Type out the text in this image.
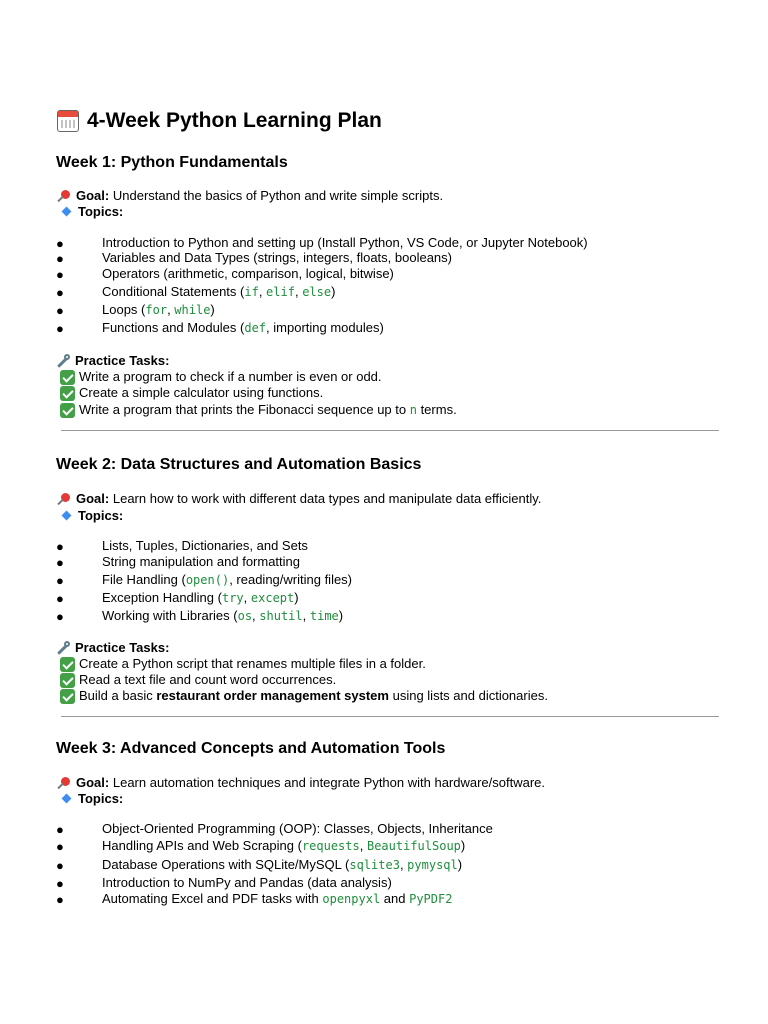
4-Week Python Learning Plan
Week 1: Python Fundamentals
Goal: Understand the basics of Python and write simple scripts.
Topics:
●	Introduction to Python and setting up (Install Python, VS Code, or Jupyter Notebook)
●	Variables and Data Types (strings, integers, floats, booleans)
●	Operators (arithmetic, comparison, logical, bitwise)
●	Conditional Statements (if, elif, else)
●	Loops (for, while)
●	Functions and Modules (def, importing modules)
Practice Tasks:
Write a program to check if a number is even or odd.
Create a simple calculator using functions.
Write a program that prints the Fibonacci sequence up to n terms.
Week 2: Data Structures and Automation Basics
Goal: Learn how to work with different data types and manipulate data efficiently.
Topics:
●	Lists, Tuples, Dictionaries, and Sets
●	String manipulation and formatting
●	File Handling (open(), reading/writing files)
●	Exception Handling (try, except)
●	Working with Libraries (os, shutil, time)
Practice Tasks:
Create a Python script that renames multiple files in a folder.
Read a text file and count word occurrences.
Build a basic restaurant order management system using lists and dictionaries.
Week 3: Advanced Concepts and Automation Tools
Goal: Learn automation techniques and integrate Python with hardware/software.
Topics:
●	Object-Oriented Programming (OOP): Classes, Objects, Inheritance
●	Handling APIs and Web Scraping (requests, BeautifulSoup)
●	Database Operations with SQLite/MySQL (sqlite3, pymysql)
●	Introduction to NumPy and Pandas (data analysis)
●	Automating Excel and PDF tasks with openpyxl and PyPDF2
